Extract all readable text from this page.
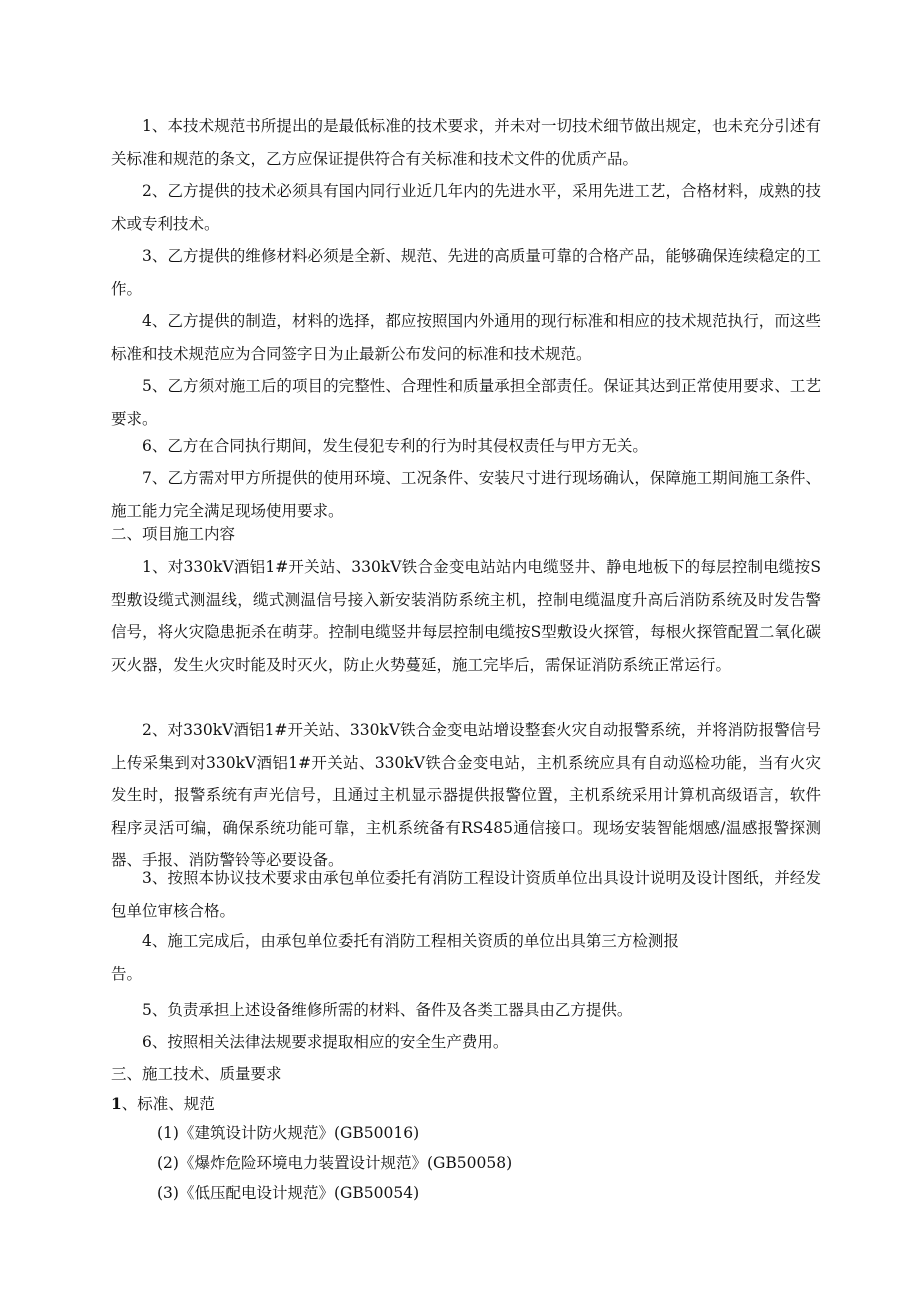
1、本技术规范书所提出的是最低标准的技术要求，并未对一切技术细节做出规定，也未充分引述有关标准和规范的条文，乙方应保证提供符合有关标准和技术文件的优质产品。

2、乙方提供的技术必须具有国内同行业近几年内的先进水平，采用先进工艺，合格材料，成熟的技术或专利技术。

3、乙方提供的维修材料必须是全新、规范、先进的高质量可靠的合格产品，能够确保连续稳定的工作。

4、乙方提供的制造，材料的选择，都应按照国内外通用的现行标准和相应的技术规范执行，而这些标准和技术规范应为合同签字日为止最新公布发问的标准和技术规范。

5、乙方须对施工后的项目的完整性、合理性和质量承担全部责任。保证其达到正常使用要求、工艺要求。

6、乙方在合同执行期间，发生侵犯专利的行为时其侵权责任与甲方无关。

7、乙方需对甲方所提供的使用环境、工况条件、安装尺寸进行现场确认，保障施工期间施工条件、施工能力完全满足现场使用要求。

二、项目施工内容

1、对330kV酒铝1#开关站、330kV铁合金变电站站内电缆竖井、静电地板下的每层控制电缆按S型敷设缆式测温线，缆式测温信号接入新安装消防系统主机，控制电缆温度升高后消防系统及时发告警信号，将火灾隐患扼杀在萌芽。控制电缆竖井每层控制电缆按S型敷设火探管，每根火探管配置二氧化碳灭火器，发生火灾时能及时灭火，防止火势蔓延，施工完毕后，需保证消防系统正常运行。

2、对330kV酒铝1#开关站、330kV铁合金变电站增设整套火灾自动报警系统，并将消防报警信号上传采集到对330kV酒铝1#开关站、330kV铁合金变电站，主机系统应具有自动巡检功能，当有火灾发生时，报警系统有声光信号，且通过主机显示器提供报警位置，主机系统采用计算机高级语言，软件程序灵活可编，确保系统功能可靠，主机系统备有RS485通信接口。现场安装智能烟感/温感报警探测器、手报、消防警铃等必要设备。

3、按照本协议技术要求由承包单位委托有消防工程设计资质单位出具设计说明及设计图纸，并经发包单位审核合格。

4、施工完成后，由承包单位委托有消防工程相关资质的单位出具第三方检测报

告。

5、负责承担上述设备维修所需的材料、备件及各类工器具由乙方提供。

6、按照相关法律法规要求提取相应的安全生产费用。

三、施工技术、质量要求

1、标准、规范

(1)《建筑设计防火规范》(GB50016)

(2)《爆炸危险环境电力装置设计规范》(GB50058)

(3)《低压配电设计规范》(GB50054)
